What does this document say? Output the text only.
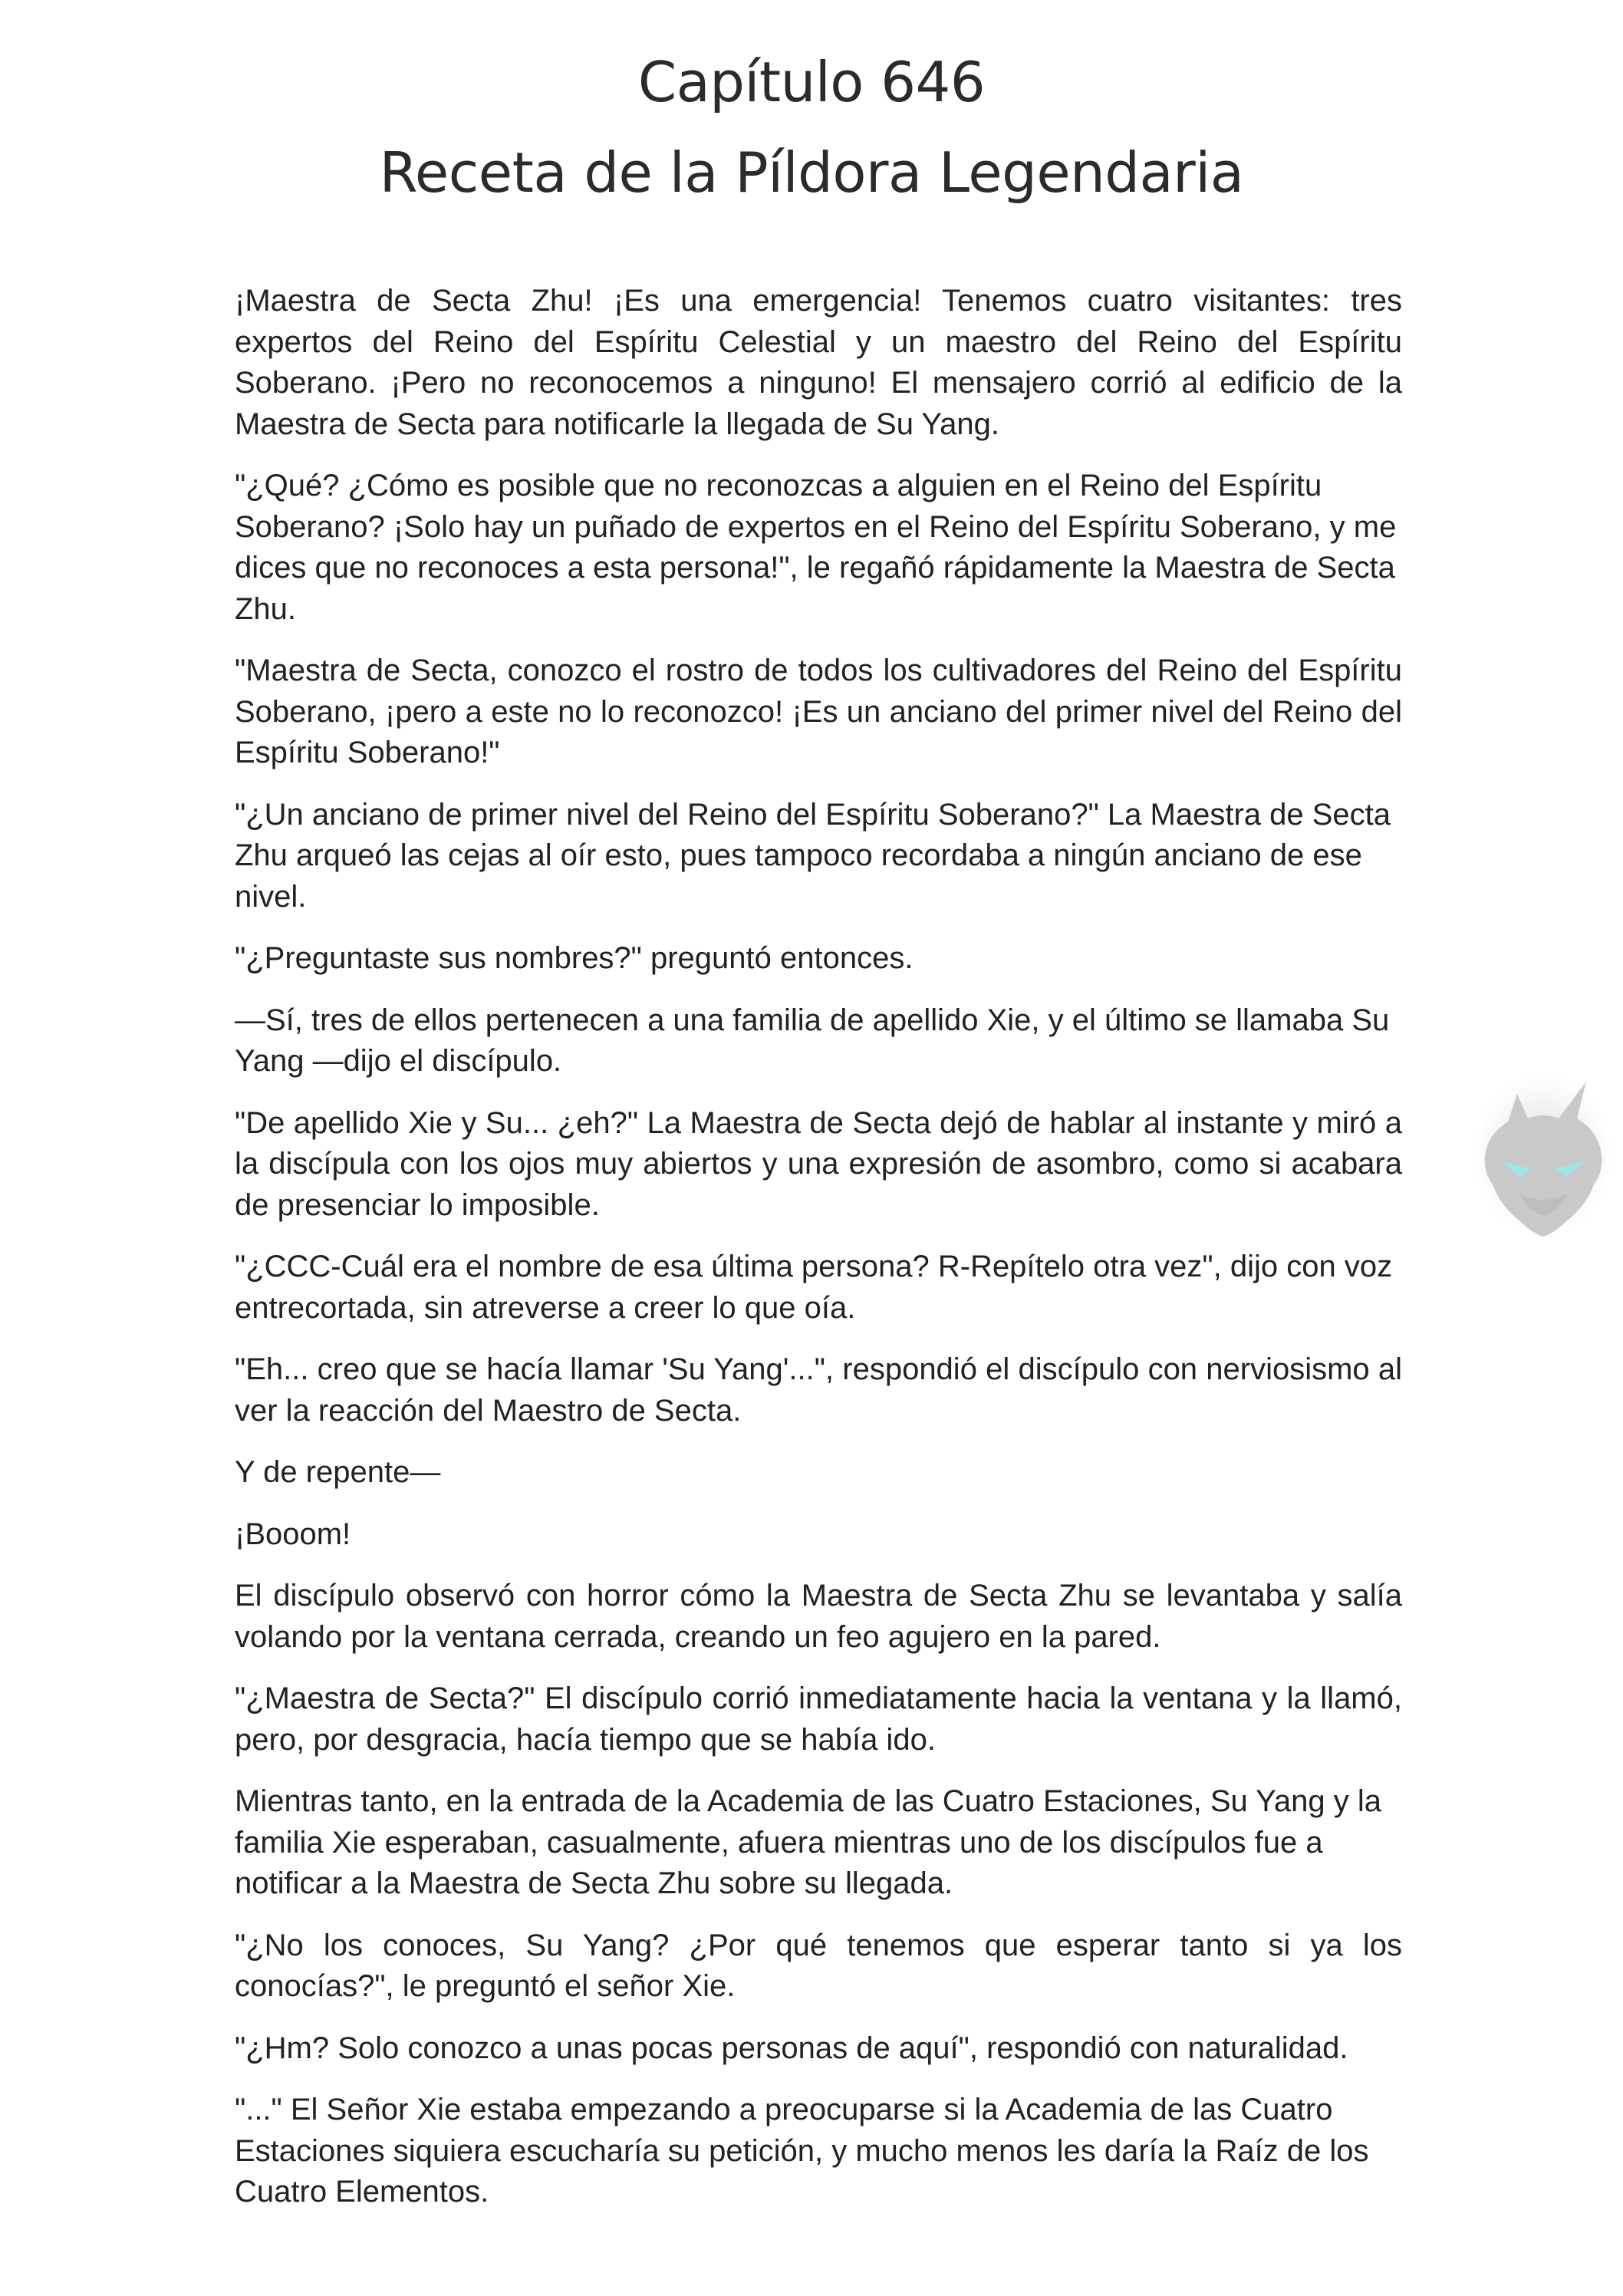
Capítulo 646
Receta de la Píldora Legendaria

¡Maestra de Secta Zhu! ¡Es una emergencia! Tenemos cuatro visitantes: tres expertos del Reino del Espíritu Celestial y un maestro del Reino del Espíritu Soberano. ¡Pero no reconocemos a ninguno! El mensajero corrió al edificio de la Maestra de Secta para notificarle la llegada de Su Yang.

"¿Qué? ¿Cómo es posible que no reconozcas a alguien en el Reino del Espíritu Soberano? ¡Solo hay un puñado de expertos en el Reino del Espíritu Soberano, y me dices que no reconoces a esta persona!", le regañó rápidamente la Maestra de Secta Zhu.

"Maestra de Secta, conozco el rostro de todos los cultivadores del Reino del Espíritu Soberano, ¡pero a este no lo reconozco! ¡Es un anciano del primer nivel del Reino del Espíritu Soberano!"

"¿Un anciano de primer nivel del Reino del Espíritu Soberano?" La Maestra de Secta Zhu arqueó las cejas al oír esto, pues tampoco recordaba a ningún anciano de ese nivel.

"¿Preguntaste sus nombres?" preguntó entonces.

—Sí, tres de ellos pertenecen a una familia de apellido Xie, y el último se llamaba Su Yang —dijo el discípulo.

"De apellido Xie y Su... ¿eh?" La Maestra de Secta dejó de hablar al instante y miró a la discípula con los ojos muy abiertos y una expresión de asombro, como si acabara de presenciar lo imposible.

"¿CCC-Cuál era el nombre de esa última persona? R-Repítelo otra vez", dijo con voz entrecortada, sin atreverse a creer lo que oía.

"Eh... creo que se hacía llamar 'Su Yang'...", respondió el discípulo con nerviosismo al ver la reacción del Maestro de Secta.

Y de repente—

¡Booom!

El discípulo observó con horror cómo la Maestra de Secta Zhu se levantaba y salía volando por la ventana cerrada, creando un feo agujero en la pared.

"¿Maestra de Secta?" El discípulo corrió inmediatamente hacia la ventana y la llamó, pero, por desgracia, hacía tiempo que se había ido.

Mientras tanto, en la entrada de la Academia de las Cuatro Estaciones, Su Yang y la familia Xie esperaban, casualmente, afuera mientras uno de los discípulos fue a notificar a la Maestra de Secta Zhu sobre su llegada.

"¿No los conoces, Su Yang? ¿Por qué tenemos que esperar tanto si ya los conocías?", le preguntó el señor Xie.

"¿Hm? Solo conozco a unas pocas personas de aquí", respondió con naturalidad.

"..." El Señor Xie estaba empezando a preocuparse si la Academia de las Cuatro Estaciones siquiera escucharía su petición, y mucho menos les daría la Raíz de los Cuatro Elementos.
